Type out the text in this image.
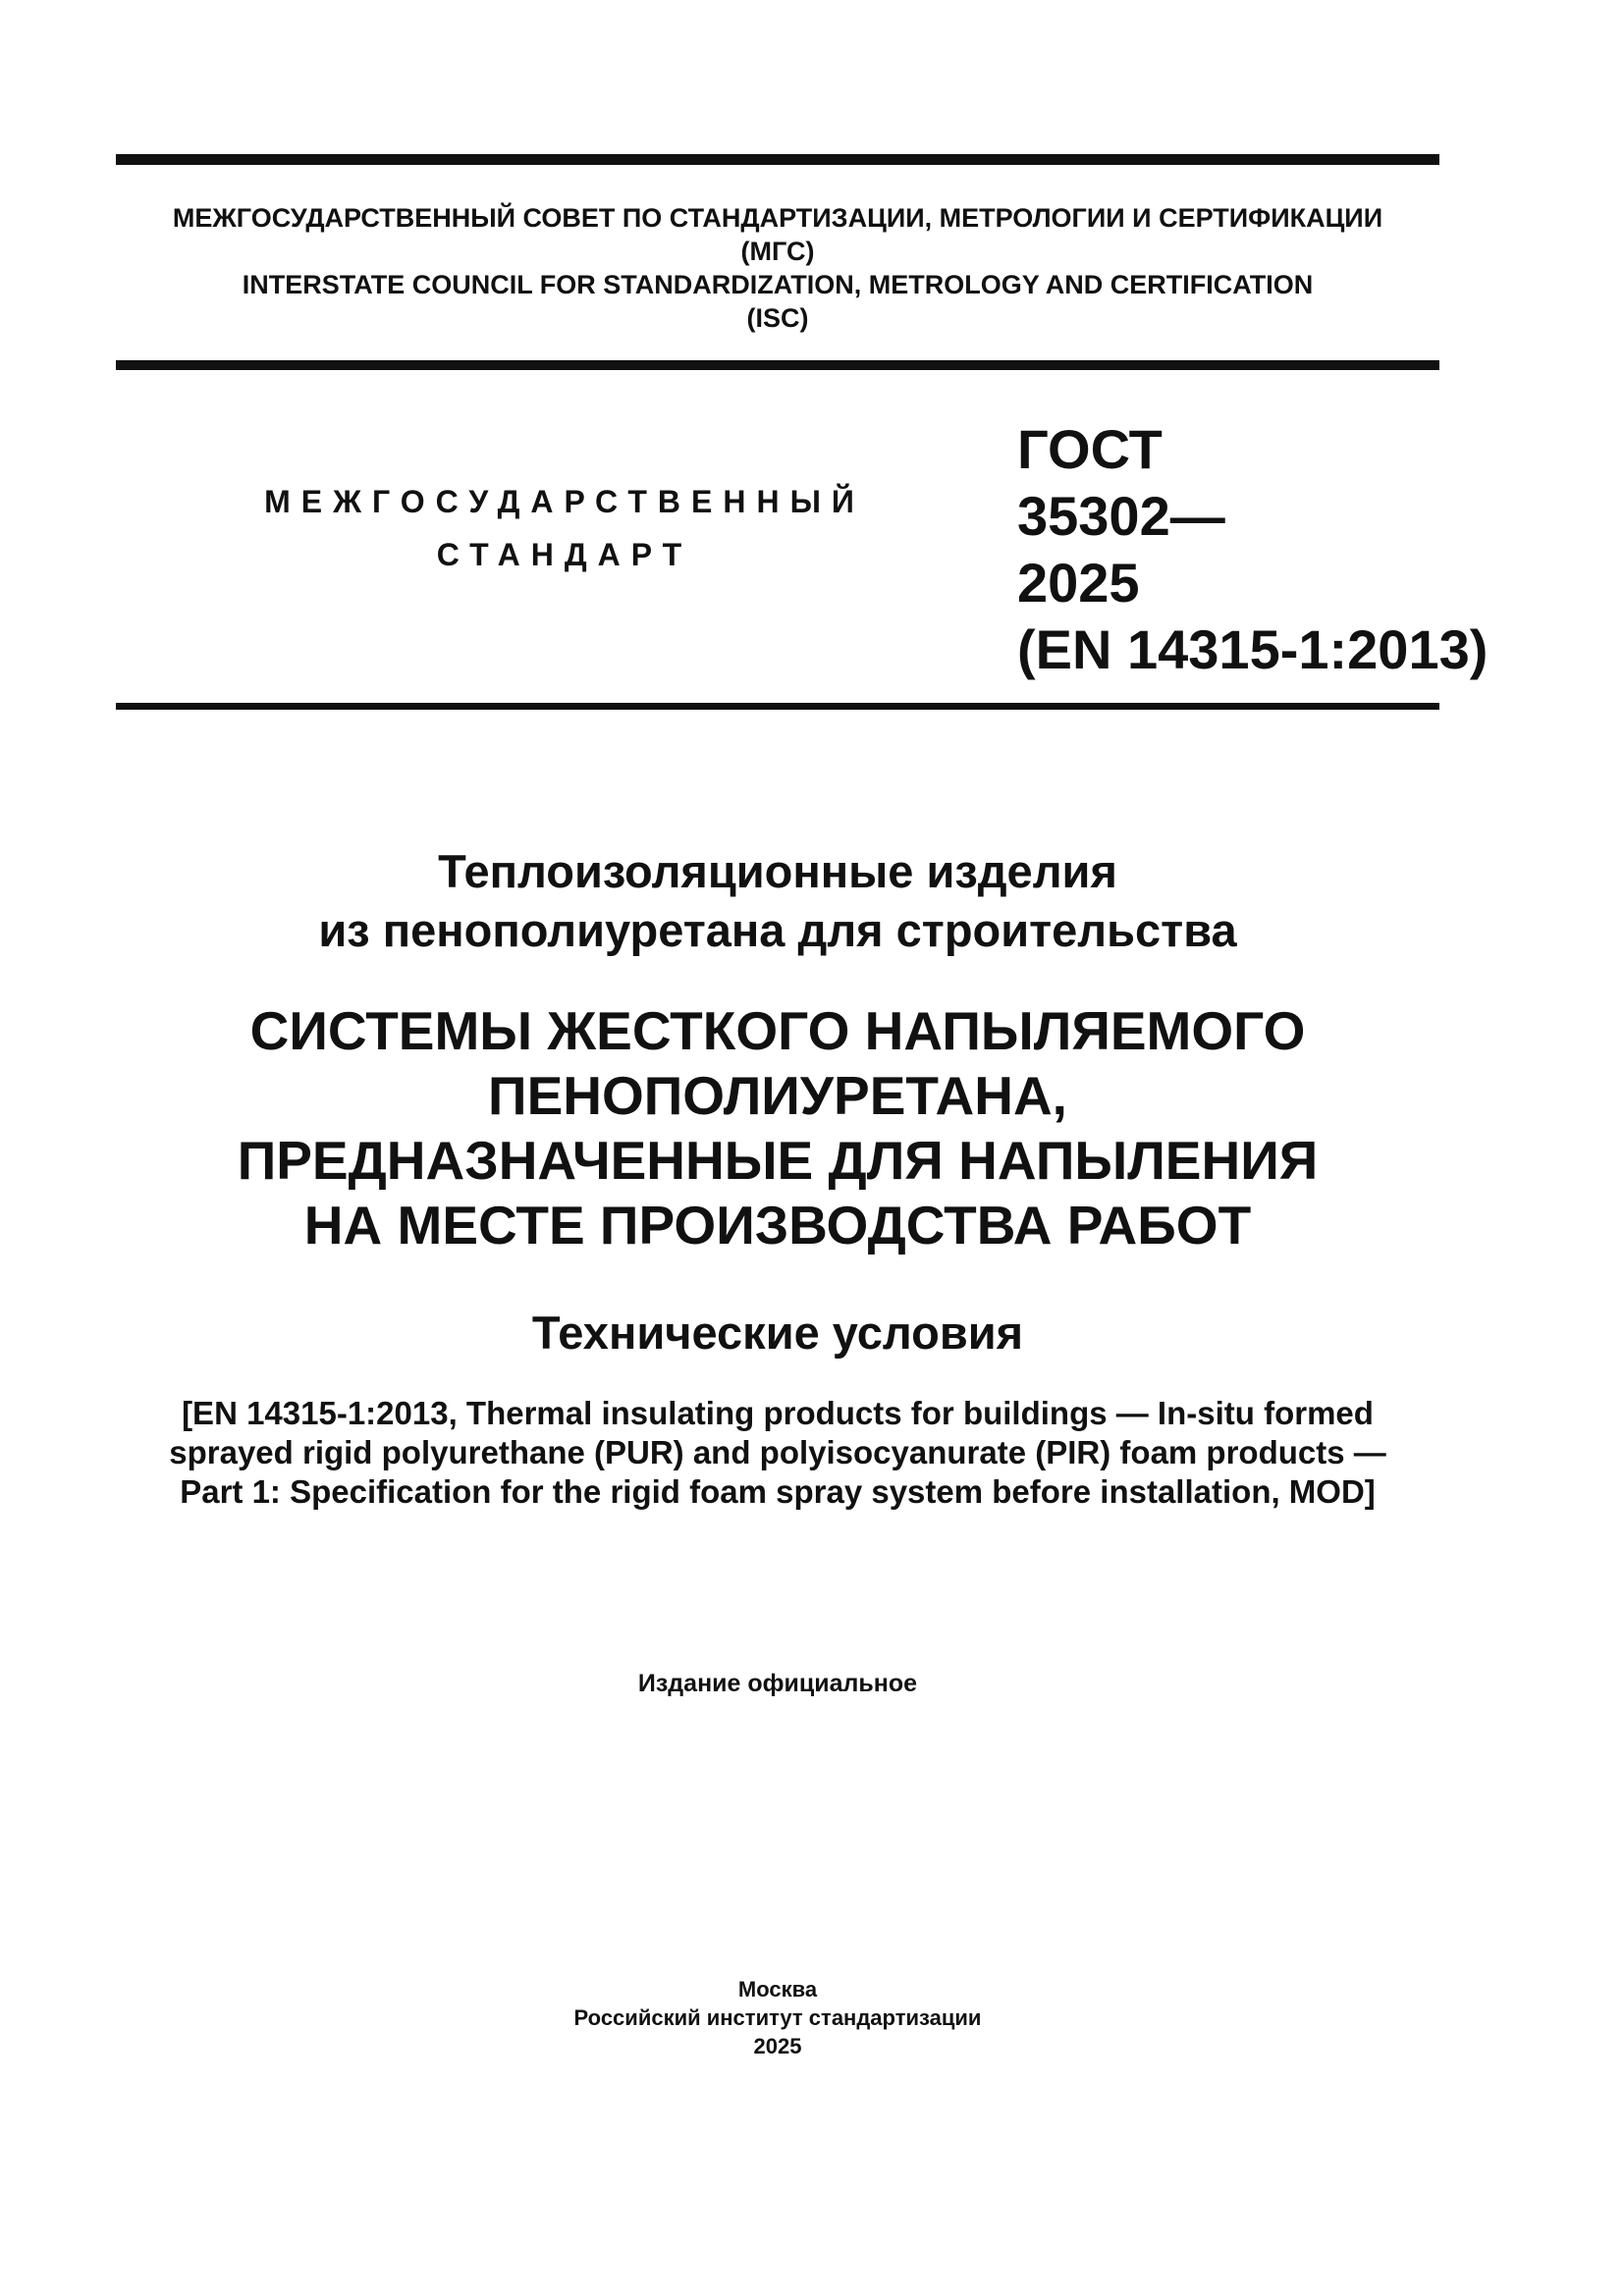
МЕЖГОСУДАРСТВЕННЫЙ СОВЕТ ПО СТАНДАРТИЗАЦИИ, МЕТРОЛОГИИ И СЕРТИФИКАЦИИ
(МГС)
INTERSTATE COUNCIL FOR STANDARDIZATION, METROLOGY AND CERTIFICATION
(ISC)
МЕЖГОСУДАРСТВЕННЫЙ
СТАНДАРТ
ГОСТ
35302—
2025
(EN 14315-1:2013)
Теплоизоляционные изделия
из пенополиуретана для строительства
СИСТЕМЫ ЖЕСТКОГО НАПЫЛЯЕМОГО
ПЕНОПОЛИУРЕТАНА,
ПРЕДНАЗНАЧЕННЫЕ ДЛЯ НАПЫЛЕНИЯ
НА МЕСТЕ ПРОИЗВОДСТВА РАБОТ
Технические условия
[EN 14315-1:2013, Thermal insulating products for buildings — In-situ formed
sprayed rigid polyurethane (PUR) and polyisocyanurate (PIR) foam products —
Part 1: Specification for the rigid foam spray system before installation, MOD]
Издание официальное
Москва
Российский институт стандартизации
2025
